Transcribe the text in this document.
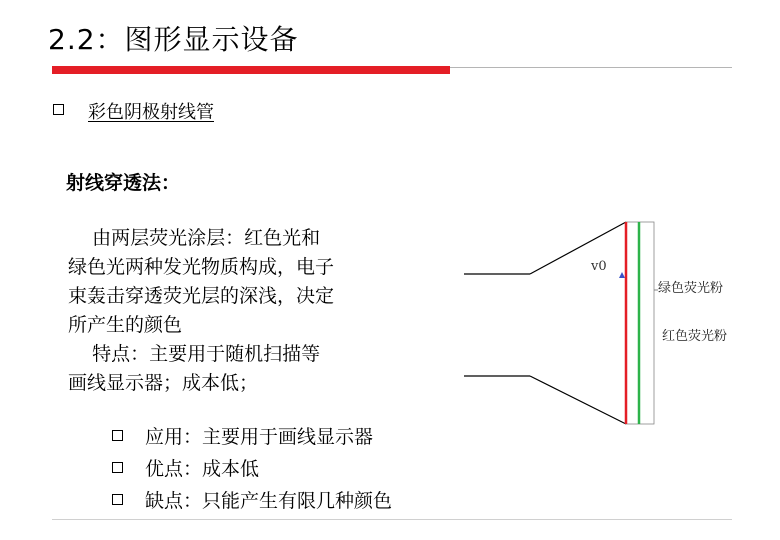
2.2：图形显示设备
彩色阴极射线管
射线穿透法：
由两层荧光涂层：红色光和
绿色光两种发光物质构成，电子
束轰击穿透荧光层的深浅，决定
所产生的颜色
特点：主要用于随机扫描等
画线显示器；成本低；
应用：主要用于画线显示器
优点：成本低
缺点：只能产生有限几种颜色
v0
绿色荧光粉
红色荧光粉
